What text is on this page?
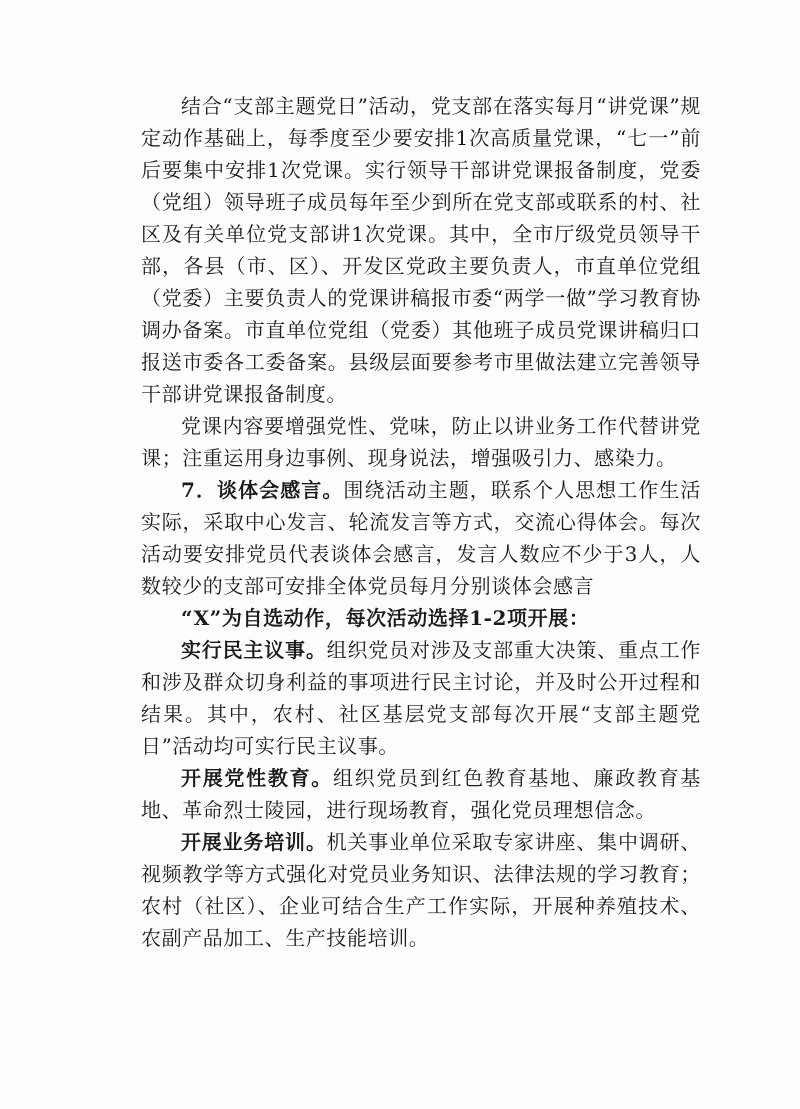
结合“支部主题党日”活动，党支部在落实每月“讲党课”规定动作基础上，每季度至少要安排1次高质量党课，“七一”前后要集中安排1次党课。实行领导干部讲党课报备制度，党委（党组）领导班子成员每年至少到所在党支部或联系的村、社区及有关单位党支部讲1次党课。其中，全市厅级党员领导干部，各县（市、区）、开发区党政主要负责人，市直单位党组（党委）主要负责人的党课讲稿报市委“两学一做”学习教育协调办备案。市直单位党组（党委）其他班子成员党课讲稿归口报送市委各工委备案。县级层面要参考市里做法建立完善领导干部讲党课报备制度。

党课内容要增强党性、党味，防止以讲业务工作代替讲党课；注重运用身边事例、现身说法，增强吸引力、感染力。

7．谈体会感言。围绕活动主题，联系个人思想工作生活实际，采取中心发言、轮流发言等方式，交流心得体会。每次活动要安排党员代表谈体会感言，发言人数应不少于3人，人数较少的支部可安排全体党员每月分别谈体会感言

“X”为自选动作，每次活动选择1-2项开展：

实行民主议事。组织党员对涉及支部重大决策、重点工作和涉及群众切身利益的事项进行民主讨论，并及时公开过程和结果。其中，农村、社区基层党支部每次开展“支部主题党日”活动均可实行民主议事。

开展党性教育。组织党员到红色教育基地、廉政教育基地、革命烈士陵园，进行现场教育，强化党员理想信念。

开展业务培训。机关事业单位采取专家讲座、集中调研、视频教学等方式强化对党员业务知识、法律法规的学习教育；农村（社区）、企业可结合生产工作实际，开展种养殖技术、农副产品加工、生产技能培训。
